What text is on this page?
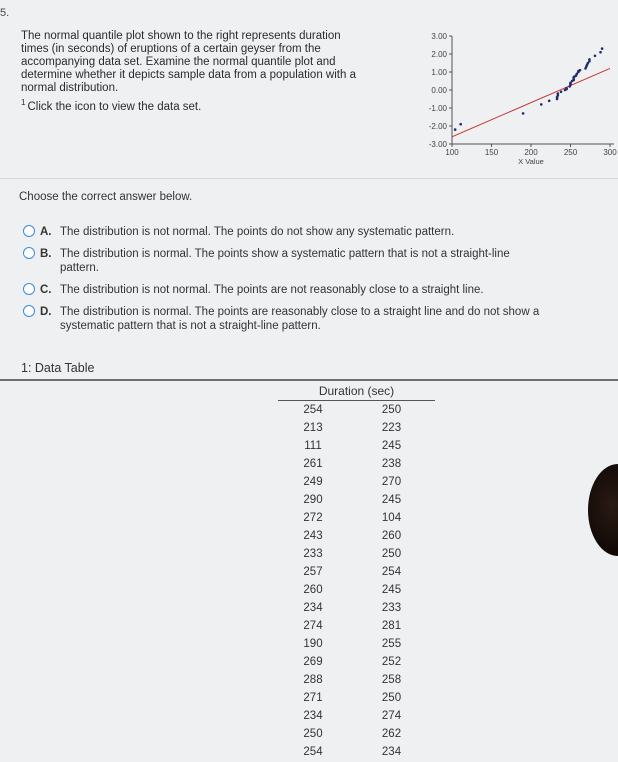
5.

The normal quantile plot shown to the right represents duration

times (in seconds) of eruptions of a certain geyser from the

accompanying data set. Examine the normal quantile plot and

determine whether it depicts sample data from a population with a

normal distribution.

$^1$ Click the icon to view the data set.

3.00
2.00
1.00
0.00
-1.00
-2.00
-3.00
100	150	200	250	300
X Value
Choose the correct answer below.
A. The distribution is not normal. The points do not show any systematic pattern.
B. The distribution is normal. The points show a systematic pattern that is not a straight-line pattern.
C. The distribution is not normal. The points are not reasonably close to a straight line.
D. The distribution is normal. The points are reasonably close to a straight line and do not show a systematic pattern that is not a straight-line pattern.
1: Data Table
Duration (sec)	
254	250
213	223
111	245
261	238
249	270
290	245
272	104
243	260
233	250
257	254
260	245
234	233
274	281
190	255
269	252
288	258
271	250
234	274
250	262
254	234
